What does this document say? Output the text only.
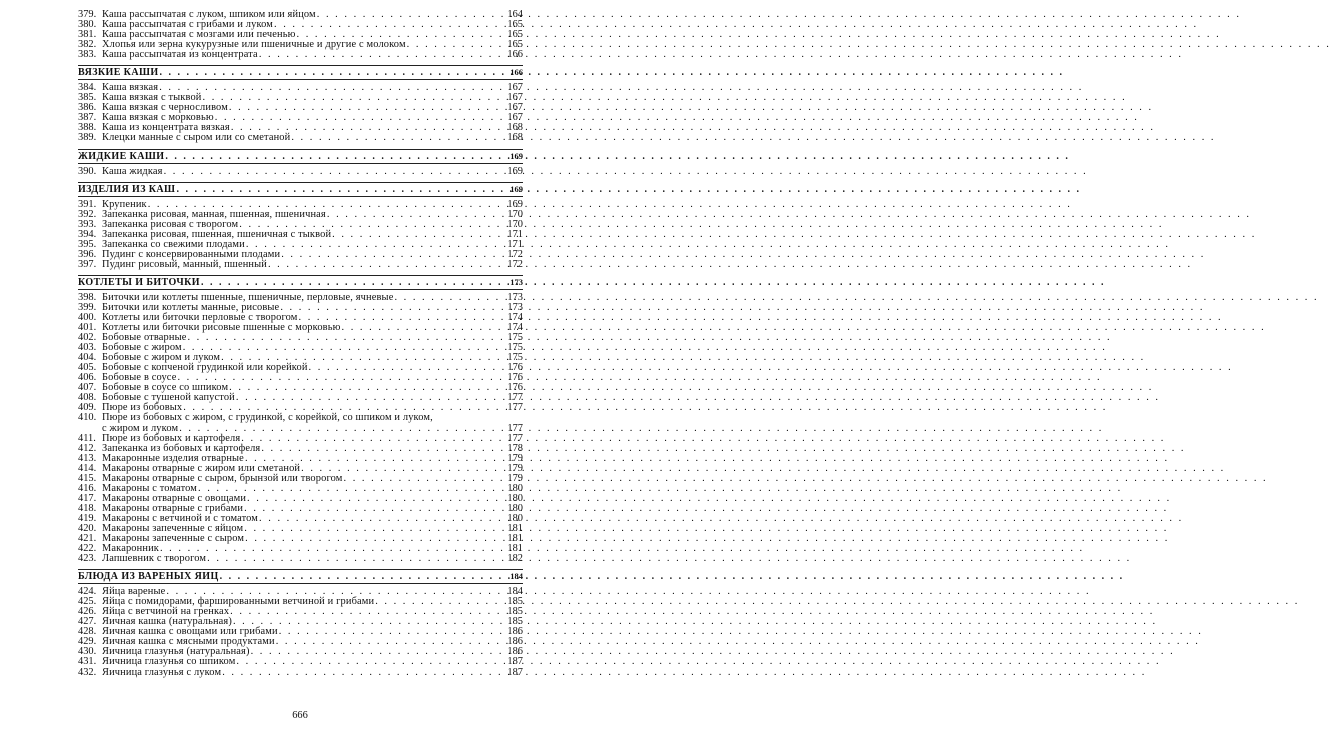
379. Каша рассыпчатая с луком, шпиком или яйцом . . .	164
380. Каша рассыпчатая с грибами и луком . . .	165
381. Каша рассыпчатая с мозгами или печенью . . .	165
382. Хлопья или зерна кукурузные или пшеничные и другие с молоком . . .	165
383. Каша рассыпчатая из концентрата . . .	166
ВЯЗКИЕ КАШИ . . .	166
384. Каша вязкая . . .	167
385. Каша вязкая с тыквой . . .	167
386. Каша вязкая с черносливом . . .	167
387. Каша вязкая с морковью . . .	167
388. Каша из концентрата вязкая . . .	168
389. Клецки манные с сыром или со сметаной . . .	168
ЖИДКИЕ КАШИ . . .	169
390. Каша жидкая . . .	169
ИЗДЕЛИЯ ИЗ КАШ . . .	169
391. Крупеник . . .	169
392. Запеканка рисовая, манная, пшенная, пшеничная . . .	170
393. Запеканка рисовая с творогом . . .	170
394. Запеканка рисовая, пшенная, пшеничная с тыквой . . .	171
395. Запеканка со свежими плодами . . .	171
396. Пудинг с консервированными плодами . . .	172
397. Пудинг рисовый, манный, пшенный . . .	172
КОТЛЕТЫ И БИТОЧКИ . . .	173
398. Биточки или котлеты пшенные, пшеничные, перловые, ячневые . . .	173
399. Биточки или котлеты манные, рисовые . . .	173
400. Котлеты или биточки перловые с творогом . . .	174
401. Котлеты или биточки рисовые пшенные с морковью . . .	174
402. Бобовые отварные . . .	175
403. Бобовые с жиром . . .	175
404. Бобовые с жиром и луком . . .	175
405. Бобовые с копченой грудинкой или корейкой . . .	176
406. Бобовые в соусе . . .	176
407. Бобовые в соусе со шпиком . . .	176
408. Бобовые с тушеной капустой . . .	177
409. Пюре из бобовых . . .	177
410. Пюре из бобовых с жиром, с грудинкой, с корейкой, со шпиком и луком,
с жиром и луком . . .	177
411. Пюре из бобовых и картофеля . . .	177
412. Запеканка из бобовых и картофеля . . .	178
413. Макаронные изделия отварные . . .	179
414. Макароны отварные с жиром или сметаной . . .	179
415. Макароны отварные с сыром, брынзой или творогом . . .	179
416. Макароны с томатом . . .	180
417. Макароны отварные с овощами . . .	180
418. Макароны отварные с грибами . . .	180
419. Макароны с ветчиной и с томатом . . .	180
420. Макароны запеченные с яйцом . . .	181
421. Макароны запеченные с сыром . . .	181
422. Макаронник . . .	181
423. Лапшевник с творогом . . .	182
БЛЮДА ИЗ ВАРЕНЫХ ЯИЦ . . .	184
424. Яйца вареные . . .	184
425. Яйца с помидорами, фаршированными ветчиной и грибами . . .	185
426. Яйца с ветчиной на гренках . . .	185
427. Яичная кашка (натуральная) . . .	185
428. Яичная кашка с овощами или грибами . . .	186
429. Яичная кашка с мясными продуктами . . .	186
430. Яичница глазунья (натуральная) . . .	186
431. Яичница глазунья со шпиком . . .	187
432. Яичница глазунья с луком . . .	187
666
